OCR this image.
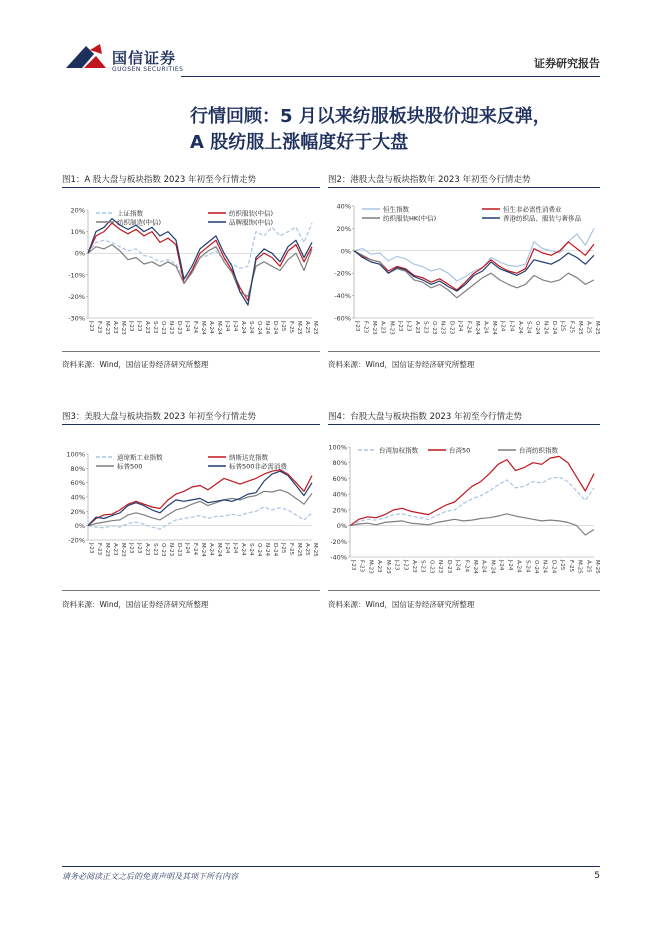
国信证券
GUOSEN SECURITIES	证券研究报告
行情回顾：5 月以来纺服板块股价迎来反弹，
A 股纺服上涨幅度好于大盘
图1：A 股大盘与板块指数 2023 年初至今行情走势
20%
10%
0%
-10%
-20%
-30%
J-23 F-23 M-23 A-23 M-23 J-23 J-23 A-23 S-23 O-23 N-23 D-23 J-24 F-24 M-24 A-24 M-24 J-24 J-24 A-24 S-24 O-24 N-24 D-24 J-25 F-25 M-25 A-25 M-25
上证指数	纺织服装(中信)
纺织制造(中信)	品牌服饰(中信)
资料来源：Wind，国信证券经济研究所整理
图2：港股大盘与板块指数年 2023 年初至今行情走势
40%
20%
0%
-20%
-40%
-60%
J-23 F-23 M-23 A-23 M-23 J-23 J-23 A-23 S-23 O-23 N-23 D-23 J-24 F-24 M-24 A-24 M-24 J-24 J-24 A-24 S-24 O-24 N-24 D-24 J-25 F-25 M-25 A-25 M-25
恒生指数	恒生非必需性消费业
纺织服装HK(中信)	香港纺织品、服装与奢侈品
资料来源：Wind，国信证券经济研究所整理
图3：美股大盘与板块指数 2023 年初至今行情走势
100%
80%
60%
40%
20%
0%
-20%
J-23 F-23 M-23 A-23 M-23 J-23 J-23 A-23 S-23 O-23 N-23 D-23 J-24 F-24 M-24 A-24 M-24 J-24 J-24 A-24 S-24 O-24 N-24 D-24 J-25 F-25 M-25 A-25 M-25
道琼斯工业指数	纳斯达克指数
标普500	标普500非必需消费
资料来源：Wind，国信证券经济研究所整理
图4：台股大盘与板块指数 2023 年初至今行情走势
100%
80%
60%
40%
20%
0%
-20%
-40%
J-23 F-23 M-23 A-23 M-23 J-23 J-23 A-23 S-23 O-23 N-23 D-23 J-24 F-24 M-24 A-24 M-24 J-24 J-24 A-24 S-24 O-24 N-24 D-24 J-25 F-25 M-25 A-25 M-25
台湾加权指数	台湾50	台湾纺织指数
资料来源：Wind，国信证券经济研究所整理
请务必阅读正文之后的免责声明及其项下所有内容	5
